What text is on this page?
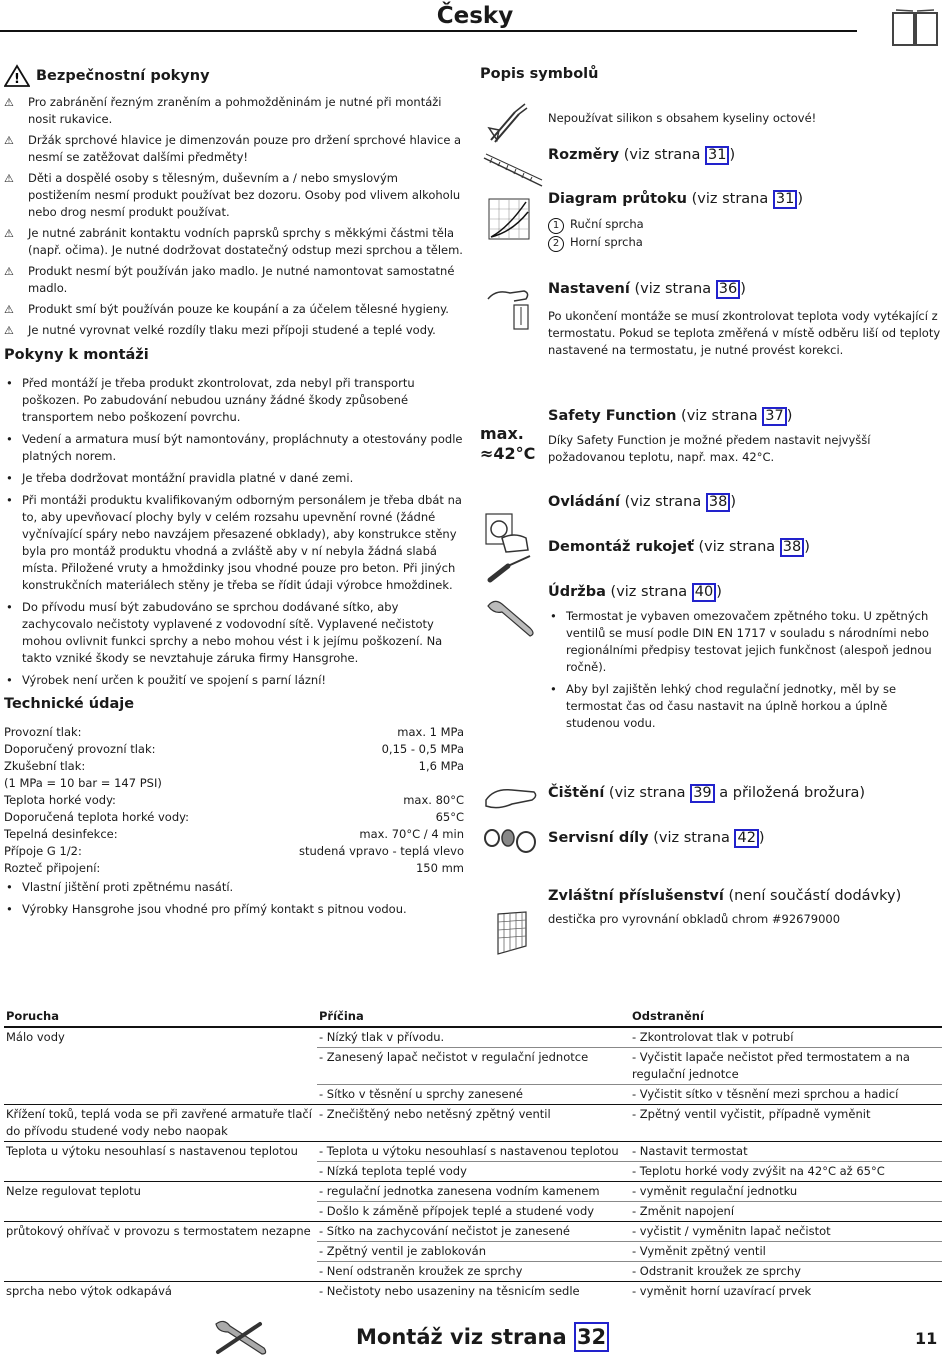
Česky
! Bezpečnostní pokyny
⚠	Pro zabránění řezným zraněním a pohmožděninám je nutné při montáži nosit rukavice.
⚠	Držák sprchové hlavice je dimenzován pouze pro držení sprchové hlavice a nesmí se zatěžovat dalšími předměty!
⚠	Děti a dospělé osoby s tělesným, duševním a / nebo smyslovým postižením nesmí produkt používat bez dozoru. Osoby pod vlivem alkoholu nebo drog nesmí produkt používat.
⚠	Je nutné zabránit kontaktu vodních paprsků sprchy s měkkými částmi těla (např. očima). Je nutné dodržovat dostatečný odstup mezi sprchou a tělem.
⚠	Produkt nesmí být používán jako madlo. Je nutné namontovat samostatné madlo.
⚠	Produkt smí být používán pouze ke koupání a za účelem tělesné hygieny.
⚠	Je nutné vyrovnat velké rozdíly tlaku mezi přípoji studené a teplé vody.
Pokyny k montáži
• Před montáží je třeba produkt zkontrolovat, zda nebyl při transportu poškozen. Po zabudování nebudou uznány žádné škody způsobené transportem nebo poškození povrchu.
• Vedení a armatura musí být namontovány, propláchnuty a otestovány podle platných norem.
• Je třeba dodržovat montážní pravidla platné v dané zemi.
• Při montáži produktu kvalifikovaným odborným personálem je třeba dbát na to, aby upevňovací plochy byly v celém rozsahu upevnění rovné (žádné vyčnívající spáry nebo navzájem přesazené obklady), aby konstrukce stěny byla pro montáž produktu vhodná a zvláště aby v ní nebyla žádná slabá místa. Přiložené vruty a hmoždinky jsou vhodné pouze pro beton. Při jiných konstrukčních materiálech stěny je třeba se řídit údaji výrobce hmoždinek.
• Do přívodu musí být zabudováno se sprchou dodávané sítko, aby zachycovalo nečistoty vyplavené z vodovodní sítě. Vyplavené nečistoty mohou ovlivnit funkci sprchy a nebo mohou vést i k jejímu poškození. Na takto vzniké škody se nevztahuje záruka firmy Hansgrohe.
• Výrobek není určen k použití ve spojení s parní lázní!
Technické údaje
Provozní tlak:	max. 1 MPa
Doporučený provozní tlak:	0,15 - 0,5 MPa
Zkušební tlak:	1,6 MPa
(1 MPa = 10 bar = 147 PSI)
Teplota horké vody:	max. 80°C
Doporučená teplota horké vody:	65°C
Tepelná desinfekce:	max. 70°C / 4 min
Přípoje G 1/2:	studená vpravo - teplá vlevo
Rozteč připojení:	150 mm
• Vlastní jištění proti zpětnému nasátí.
• Výrobky Hansgrohe jsou vhodné pro přímý kontakt s pitnou vodou.
Popis symbolů
max.
≈42°C
Nepoužívat silikon s obsahem kyseliny octové!
Rozměry (viz strana 31 )
Diagram průtoku (viz strana 31 )
1 Ruční sprcha
2 Horní sprcha
Nastavení (viz strana 36 )
Po ukončení montáže se musí zkontrolovat teplota vody vytékající z termostatu. Pokud se teplota změřená v místě odběru liší od teploty nastavené na termostatu, je nutné provést korekci.
Safety Function (viz strana 37 )
Díky Safety Function je možné předem nastavit nejvyšší požadovanou teplotu, např. max. 42°C.
Ovládání (viz strana 38 )
Demontáž rukojeť (viz strana 38 )
Údržba (viz strana 40 )
• Termostat je vybaven omezovačem zpětného toku. U zpětných ventilů se musí podle DIN EN 1717 v souladu s národními nebo regionálními předpisy testovat jejich funkčnost (alespoň jednou ročně).
• Aby byl zajištěn lehký chod regulační jednotky, měl by se termostat čas od času nastavit na úplně horkou a úplně studenou vodu.
Čištění (viz strana 39 a přiložená brožura)
Servisní díly (viz strana 42 )
Zvláštní příslušenství (není součástí dodávky)
destička pro vyrovnání obkladů chrom #92679000
Porucha	Příčina	Odstranění
Málo vody	- Nízký tlak v přívodu.	- Zkontrolovat tlak v potrubí
	- Zanesený lapač nečistot v regulační jednotce	- Vyčistit lapače nečistot před termostatem a na regulační jednotce
	- Sítko v těsnění u sprchy zanesené	- Vyčistit sítko v těsnění mezi sprchou a hadicí
Křížení toků, teplá voda se při zavřené armatuře tlačí do přívodu studené vody nebo naopak	- Znečištěný nebo netěsný zpětný ventil	- Zpětný ventil vyčistit, případně vyměnit
Teplota u výtoku nesouhlasí s nastavenou teplotou	- Teplota u výtoku nesouhlasí s nastavenou teplotou	- Nastavit termostat
	- Nízká teplota teplé vody	- Teplotu horké vody zvýšit na 42°C až 65°C
Nelze regulovat teplotu	- regulační jednotka zanesena vodním kamenem	- vyměnit regulační jednotku
	- Došlo k záměně přípojek teplé a studené vody	- Změnit napojení
průtokový ohřívač v provozu s termostatem nezapne	- Sítko na zachycování nečistot je zanesené	- vyčistit / vyměnitn lapač nečistot
	- Zpětný ventil je zablokován	- Vyměnit zpětný ventil
	- Není odstraněn kroužek ze sprchy	- Odstranit kroužek ze sprchy
sprcha nebo výtok odkapává	- Nečistoty nebo usazeniny na těsnicím sedle	- vyměnit horní uzavírací prvek
Montáž viz strana 32	11
